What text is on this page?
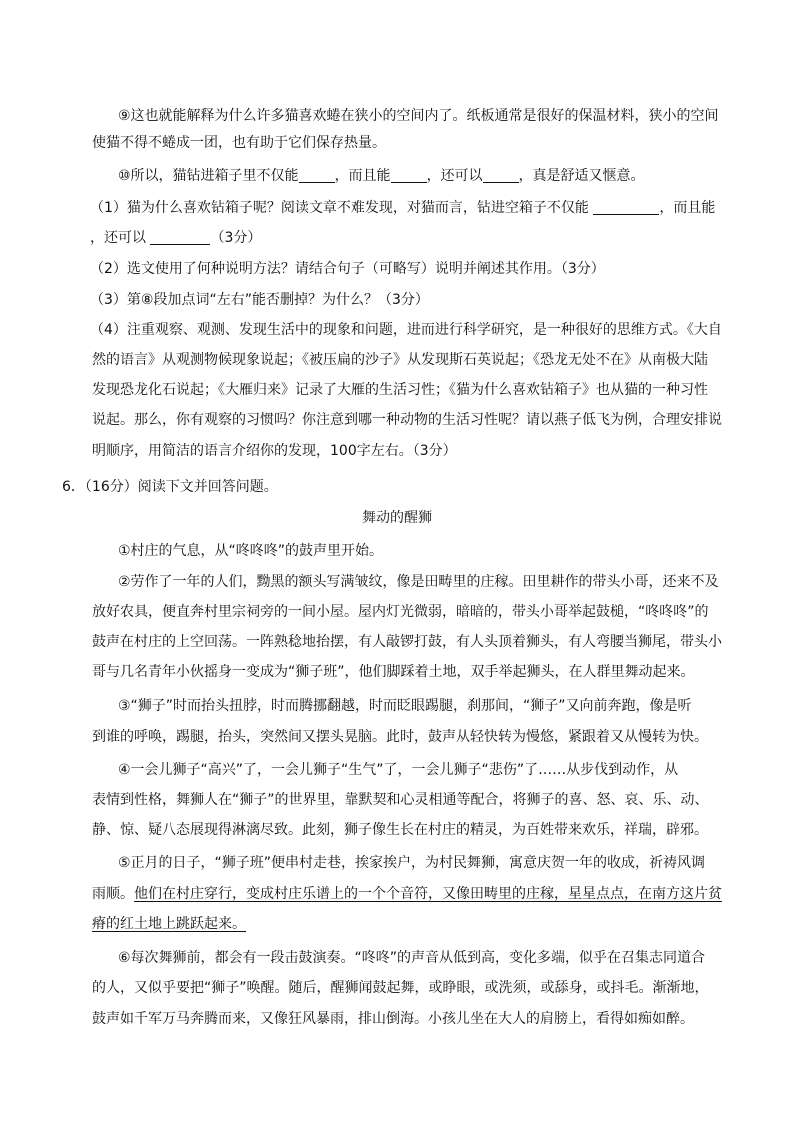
⑨这也就能解释为什么许多猫喜欢蜷在狭小的空间内了。纸板通常是很好的保温材料，狭小的空间
使猫不得不蜷成一团，也有助于它们保存热量。
⑩所以，猫钻进箱子里不仅能	，而且能	，还可以	，真是舒适又惬意。
（1）猫为什么喜欢钻箱子呢？阅读文章不难发现，对猫而言，钻进空箱子不仅能	，而且能
，还可以	（3分）
（2）选文使用了何种说明方法？请结合句子（可略写）说明并阐述其作用。（3分）
（3）第⑧段加点词“左右”能否删掉？为什么？（3分）
（4）注重观察、观测、发现生活中的现象和问题，进而进行科学研究，是一种很好的思维方式。《大自
然的语言》从观测物候现象说起；《被压扁的沙子》从发现斯石英说起；《恐龙无处不在》从南极大陆
发现恐龙化石说起；《大雁归来》记录了大雁的生活习性；《猫为什么喜欢钻箱子》也从猫的一种习性
说起。那么，你有观察的习惯吗？你注意到哪一种动物的生活习性呢？请以燕子低飞为例，合理安排说
明顺序，用简洁的语言介绍你的发现，100字左右。（3分）
6．（16分）阅读下文并回答问题。
舞动的醒狮
①村庄的气息，从“咚咚咚”的鼓声里开始。
②劳作了一年的人们，黝黑的额头写满皱纹，像是田畴里的庄稼。田里耕作的带头小哥，还来不及
放好农具，便直奔村里宗祠旁的一间小屋。屋内灯光微弱，暗暗的，带头小哥举起鼓槌，“咚咚咚”的
鼓声在村庄的上空回荡。一阵熟稔地抬摆，有人敲锣打鼓，有人头顶着狮头，有人弯腰当狮尾，带头小
哥与几名青年小伙摇身一变成为“狮子班”，他们脚踩着土地，双手举起狮头，在人群里舞动起来。
③“狮子”时而抬头扭脖，时而腾挪翻越，时而眨眼踢腿，刹那间，“狮子”又向前奔跑，像是听
到谁的呼唤，踢腿，抬头，突然间又摆头晃脑。此时，鼓声从轻快转为慢悠，紧跟着又从慢转为快。
④一会儿狮子“高兴”了，一会儿狮子“生气”了，一会儿狮子“悲伤”了……从步伐到动作，从
表情到性格，舞狮人在“狮子”的世界里，靠默契和心灵相通等配合，将狮子的喜、怒、哀、乐、动、
静、惊、疑八态展现得淋漓尽致。此刻，狮子像生长在村庄的精灵，为百姓带来欢乐，祥瑞，辟邪。
⑤正月的日子，“狮子班”便串村走巷，挨家挨户，为村民舞狮，寓意庆贺一年的收成，祈祷风调
雨顺。他们在村庄穿行，变成村庄乐谱上的一个个音符，又像田畴里的庄稼，星星点点，在南方这片贫
瘠的红土地上跳跃起来。
⑥每次舞狮前，都会有一段击鼓演奏。“咚咚”的声音从低到高，变化多端，似乎在召集志同道合
的人，又似乎要把“狮子”唤醒。随后，醒狮闻鼓起舞，或睁眼，或洗须，或舔身，或抖毛。渐渐地，
鼓声如千军万马奔腾而来，又像狂风暴雨，排山倒海。小孩儿坐在大人的肩膀上，看得如痴如醉。
